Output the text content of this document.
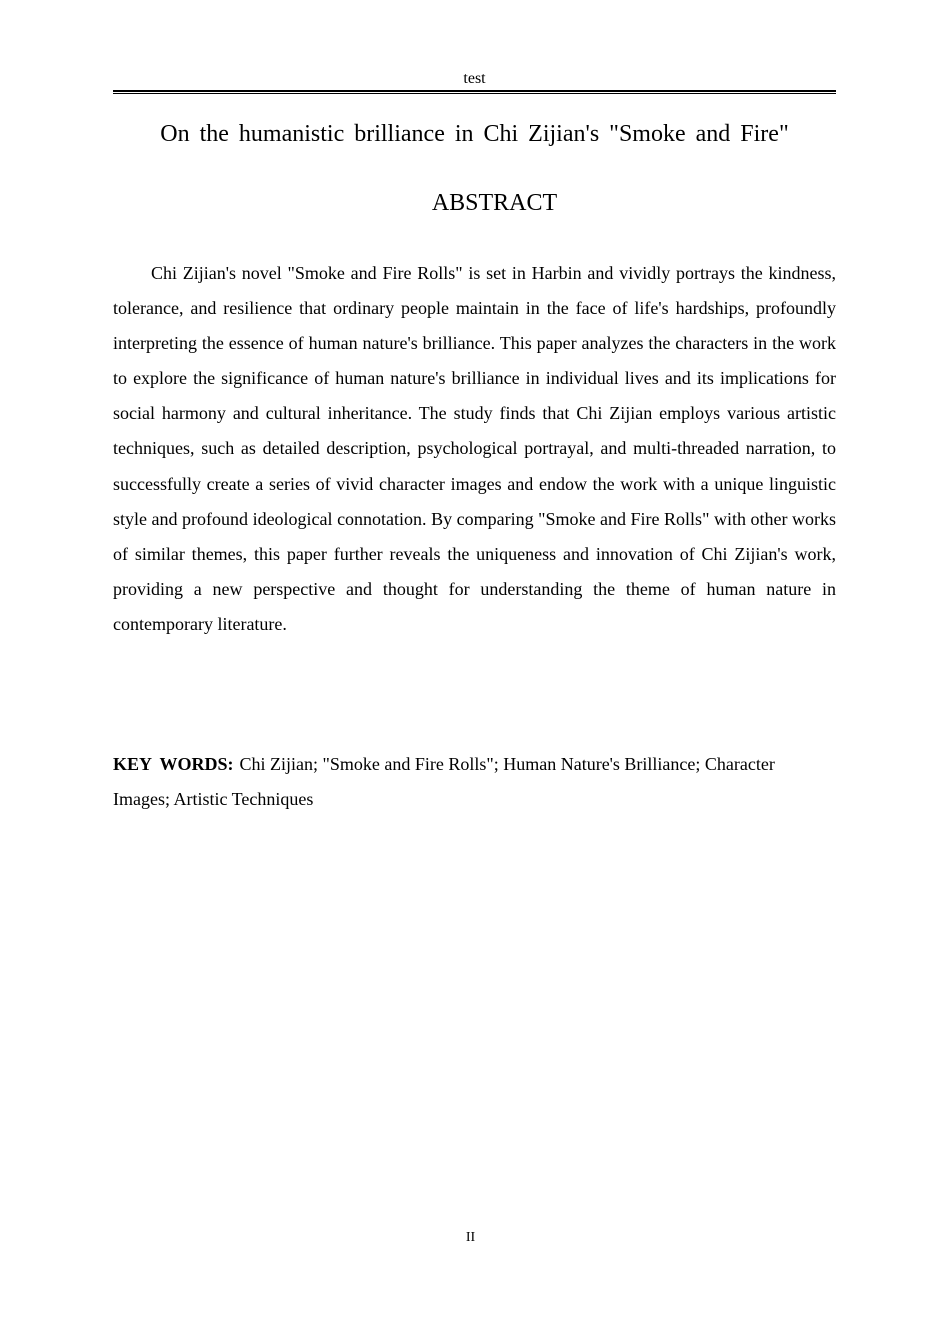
test
On the humanistic brilliance in Chi Zijian's "Smoke and Fire"
ABSTRACT

Chi Zijian's novel "Smoke and Fire Rolls" is set in Harbin and vividly portrays the kindness, tolerance, and resilience that ordinary people maintain in the face of life's hardships, profoundly interpreting the essence of human nature's brilliance. This paper analyzes the characters in the work to explore the significance of human nature's brilliance in individual lives and its implications for social harmony and cultural inheritance. The study finds that Chi Zijian employs various artistic techniques, such as detailed description, psychological portrayal, and multi-threaded narration, to successfully create a series of vivid character images and endow the work with a unique linguistic style and profound ideological connotation. By comparing "Smoke and Fire Rolls" with other works of similar themes, this paper further reveals the uniqueness and innovation of Chi Zijian's work, providing a new perspective and thought for understanding the theme of human nature in contemporary literature.

KEY WORDS: Chi Zijian; "Smoke and Fire Rolls"; Human Nature's Brilliance; Character Images; Artistic Techniques

II
